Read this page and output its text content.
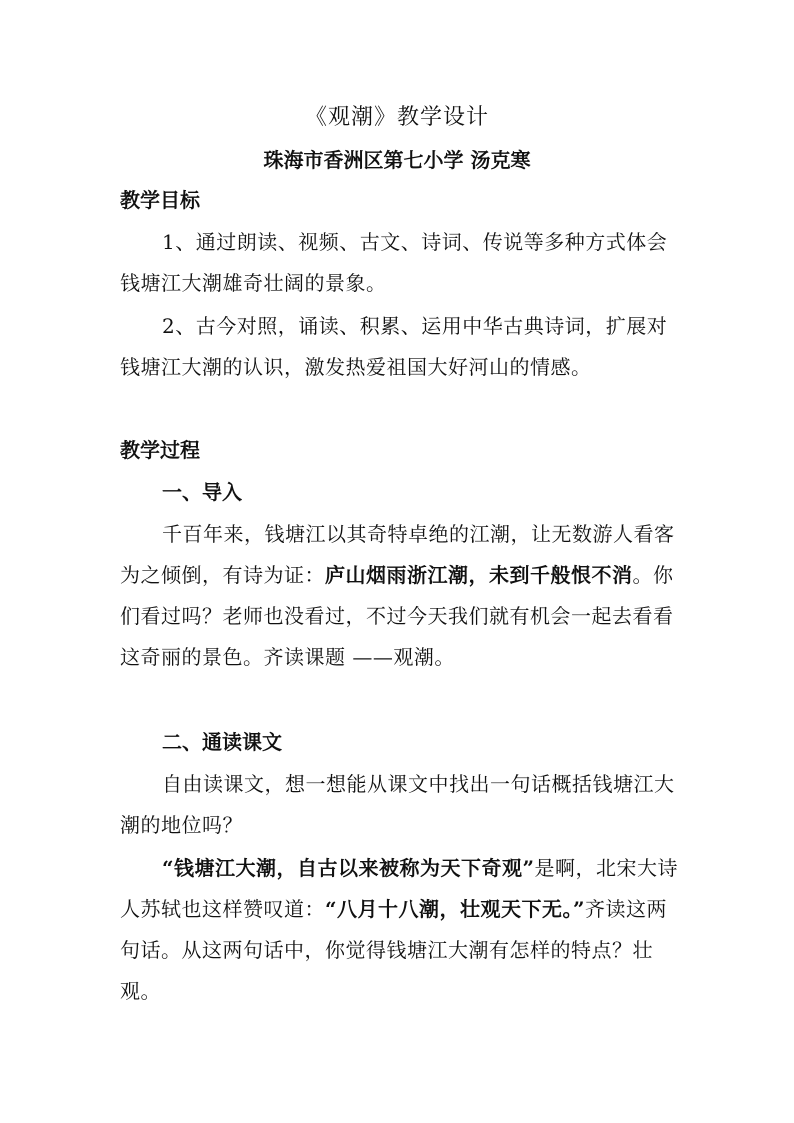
《观潮》教学设计
珠海市香洲区第七小学 汤克寒
教学目标
1、通过朗读、视频、古文、诗词、传说等多种方式体会钱塘江大潮雄奇壮阔的景象。
2、古今对照，诵读、积累、运用中华古典诗词，扩展对钱塘江大潮的认识，激发热爱祖国大好河山的情感。
教学过程
一、导入
千百年来，钱塘江以其奇特卓绝的江潮，让无数游人看客为之倾倒，有诗为证：庐山烟雨浙江潮，未到千般恨不消。你们看过吗？老师也没看过，不过今天我们就有机会一起去看看这奇丽的景色。齐读课题 ——观潮。
二、通读课文
自由读课文，想一想能从课文中找出一句话概括钱塘江大潮的地位吗？
“钱塘江大潮，自古以来被称为天下奇观”是啊，北宋大诗人苏轼也这样赞叹道：“八月十八潮，壮观天下无。”齐读这两句话。从这两句话中，你觉得钱塘江大潮有怎样的特点？壮观。
